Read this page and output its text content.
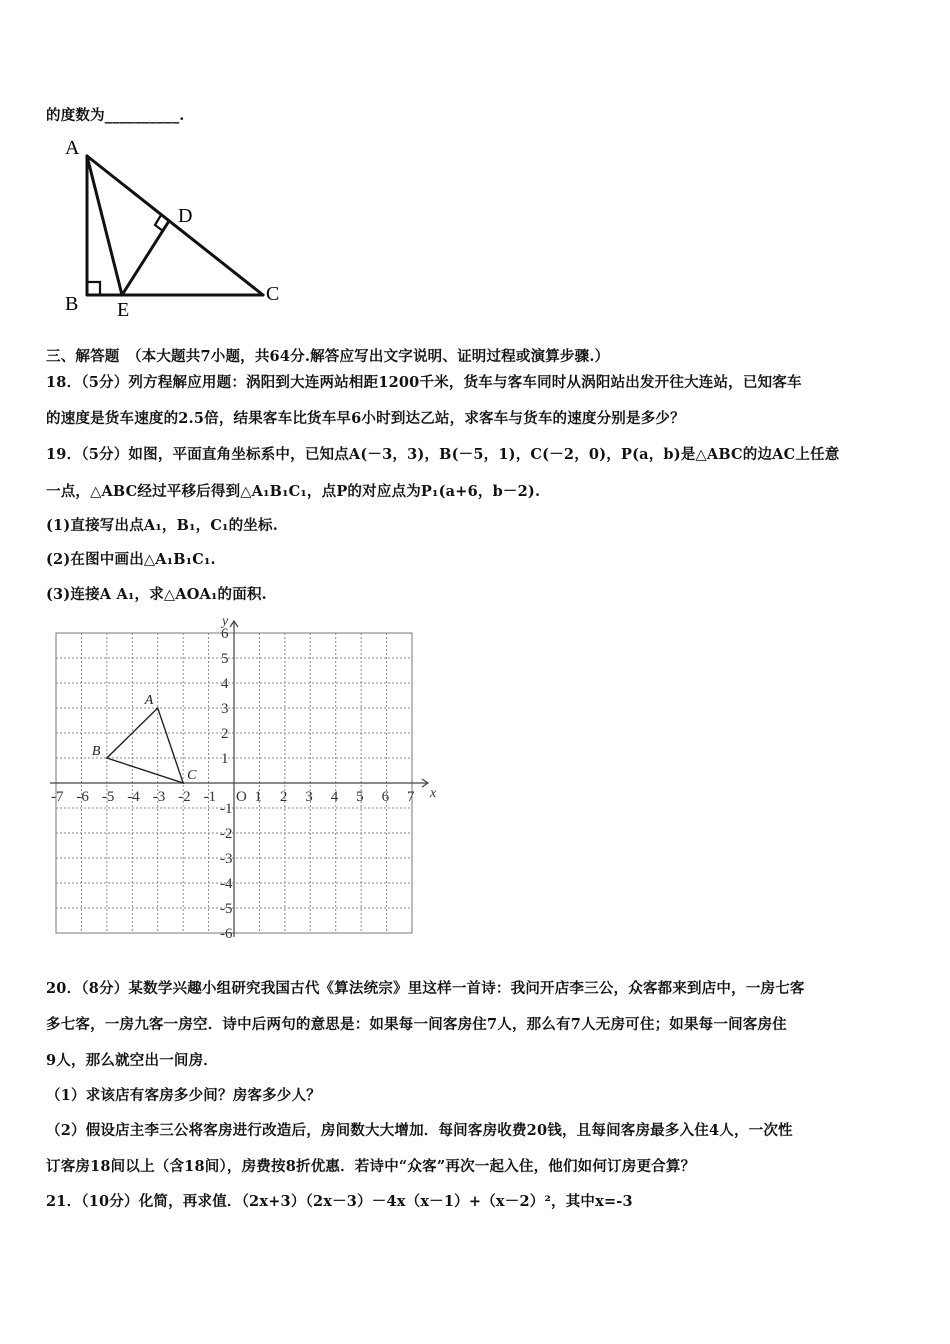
的度数为__________.
A
B	C
D
E
三、解答题　（本大题共7小题，共64分.解答应写出文字说明、证明过程或演算步骤.）
18．（5分）列方程解应用题：涡阳到大连两站相距1200千米，货车与客车同时从涡阳站出发开往大连站，已知客车
的速度是货车速度的2.5倍，结果客车比货车早6小时到达乙站，求客车与货车的速度分别是多少？
19．（5分）如图，平面直角坐标系中，已知点A(－3，3)，B(－5，1)，C(－2，0)，P(a，b)是△ABC的边AC上任意
一点，△ABC经过平移后得到△A₁B₁C₁，点P的对应点为P₁(a+6，b－2).
(1)直接写出点A₁，B₁，C₁的坐标.
(2)在图中画出△A₁B₁C₁.
(3)连接A A₁，求△AOA₁的面积.
-7 -6 -5 -4 -3 -2 -1 O 1 2 3 4 5 6 7
1
2
3
4
5
6
-1
-2
-3
-4
-5
-6
x
y
A
B
C
20．（8分）某数学兴趣小组研究我国古代《算法统宗》里这样一首诗：我问开店李三公，众客都来到店中，一房七客
多七客，一房九客一房空．诗中后两句的意思是：如果每一间客房住7人，那么有7人无房可住；如果每一间客房住
9人，那么就空出一间房．
（1）求该店有客房多少间？房客多少人？
（2）假设店主李三公将客房进行改造后，房间数大大增加．每间客房收费20钱，且每间客房最多入住4人，一次性
订客房18间以上（含18间），房费按8折优惠．若诗中“众客”再次一起入住，他们如何订房更合算？
21．（10分）化简，再求值．（2x+3）（2x－3）－4x（x－1）+（x－2）²，其中x=-3
